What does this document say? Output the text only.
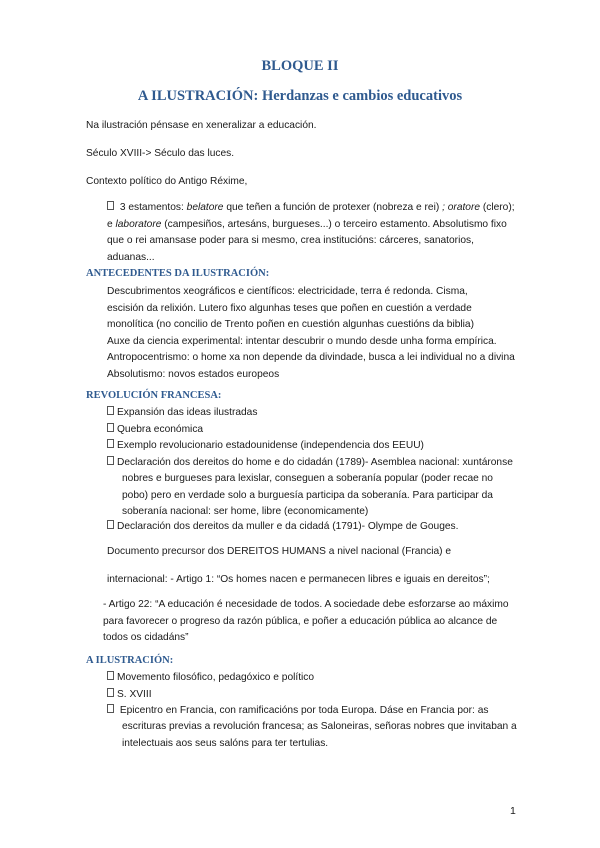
BLOQUE II
A ILUSTRACIÓN: Herdanzas e cambios educativos
Na ilustración pénsase en xeneralizar a educación.
Século XVIII-> Século das luces.
Contexto político do Antigo Réxime,
3 estamentos: belatore que teñen a función de protexer (nobreza e rei) ; oratore (clero);
e laboratore (campesiños, artesáns, burgueses...) o terceiro estamento. Absolutismo fixo
que o rei amansase poder para si mesmo, crea institucións: cárceres, sanatorios,
aduanas...
ANTECEDENTES DA ILUSTRACIÓN:
Descubrimentos xeográficos e científicos: electricidade, terra é redonda. Cisma,
escisión da relixión. Lutero fixo algunhas teses que poñen en cuestión a verdade
monolítica (no concilio de Trento poñen en cuestión algunhas cuestións da biblia)
Auxe da ciencia experimental: intentar descubrir o mundo desde unha forma empírica.
Antropocentrismo: o home xa non depende da divindade, busca a lei individual no a divina
Absolutismo: novos estados europeos
REVOLUCIÓN FRANCESA:
Expansión das ideas ilustradas
Quebra económica
Exemplo revolucionario estadounidense (independencia dos EEUU)
Declaración dos dereitos do home e do cidadán (1789)- Asemblea nacional: xuntáronse
nobres e burgueses para lexislar, conseguen a soberanía popular (poder recae no
pobo) pero en verdade solo a burguesía participa da soberanía. Para participar da
soberanía nacional: ser home, libre (economicamente)
Declaración dos dereitos da muller e da cidadá (1791)- Olympe de Gouges.
Documento precursor dos DEREITOS HUMANS a nivel nacional (Francia) e
internacional: - Artigo 1: “Os homes nacen e permanecen libres e iguais en dereitos”;
- Artigo 22: “A educación é necesidade de todos. A sociedade debe esforzarse ao máximo
para favorecer o progreso da razón pública, e poñer a educación pública ao alcance de
todos os cidadáns”
A ILUSTRACIÓN:
Movemento filosófico, pedagóxico e político
S. XVIII
Epicentro en Francia, con ramificacións por toda Europa. Dáse en Francia por: as
escrituras previas a revolución francesa; as Saloneiras, señoras nobres que invitaban a
intelectuais aos seus salóns para ter tertulias.
1
